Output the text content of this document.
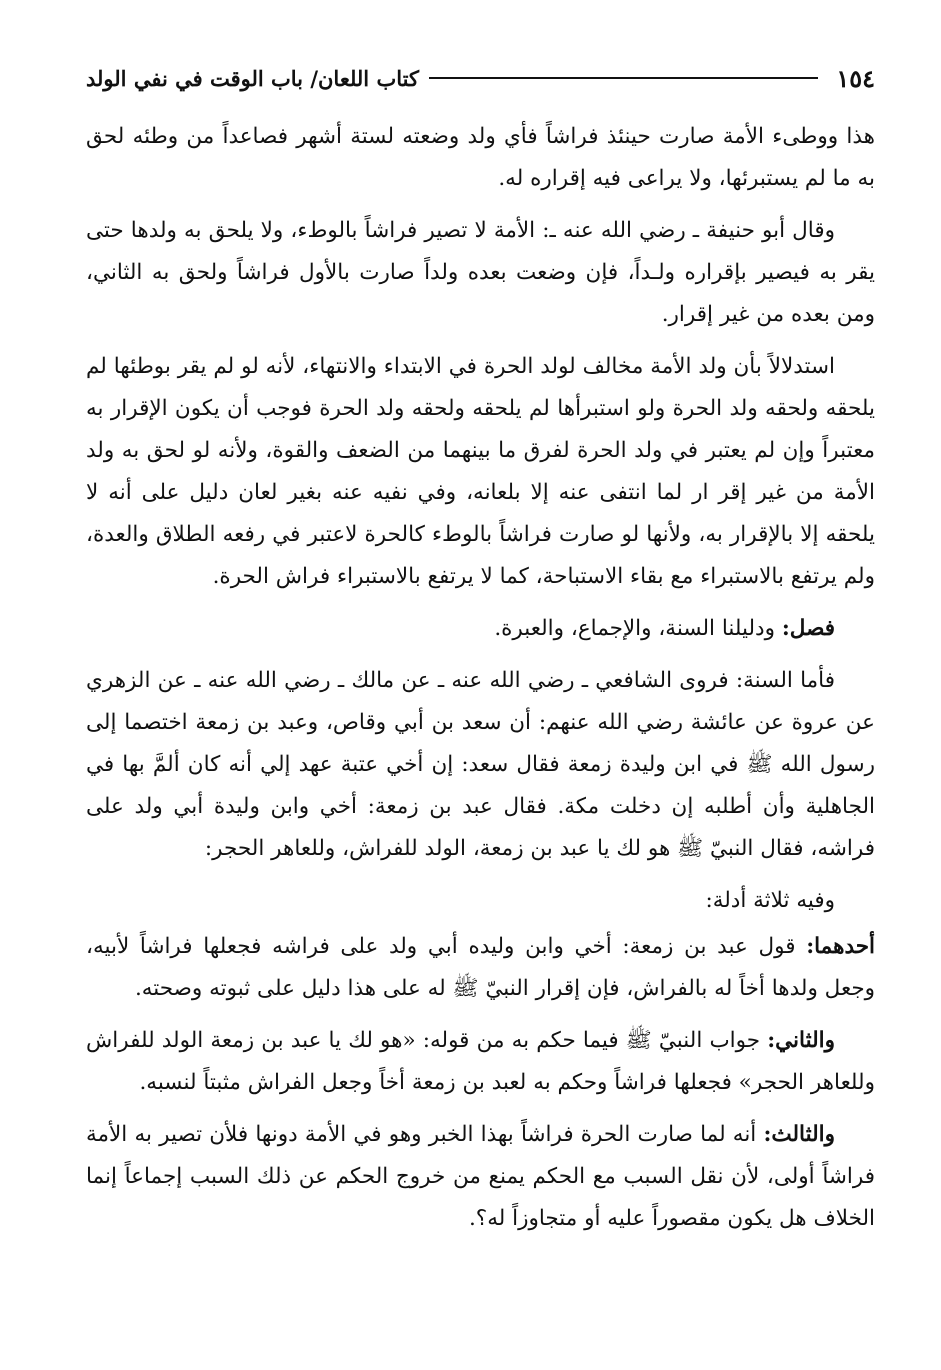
١٥٤
كتاب اللعان/ باب الوقت في نفي الولد

هذا ووطىء الأمة صارت حينئذ فراشاً فأي ولد وضعته لستة أشهر فصاعداً من وطئه لحق به ما لم يستبرئها، ولا يراعى فيه إقراره له.

وقال أبو حنيفة ـ رضي الله عنه ـ: الأمة لا تصير فراشاً بالوطء، ولا يلحق به ولدها حتى يقر به فيصير بإقراره ولـداً، فإن وضعت بعده ولداً صارت بالأول فراشاً ولحق به الثاني، ومن بعده من غير إقرار.

استدلالاً بأن ولد الأمة مخالف لولد الحرة في الابتداء والانتهاء، لأنه لو لم يقر بوطئها لم يلحقه ولحقه ولد الحرة ولو استبرأها لم يلحقه ولحقه ولد الحرة فوجب أن يكون الإقرار به معتبراً وإن لم يعتبر في ولد الحرة لفرق ما بينهما من الضعف والقوة، ولأنه لو لحق به ولد الأمة من غير إقر ار لما انتفى عنه إلا بلعانه، وفي نفيه عنه بغير لعان دليل على أنه لا يلحقه إلا بالإقرار به، ولأنها لو صارت فراشاً بالوطء كالحرة لاعتبر في رفعه الطلاق والعدة، ولم يرتفع بالاستبراء مع بقاء الاستباحة، كما لا يرتفع بالاستبراء فراش الحرة.

فصل: ودليلنا السنة، والإجماع، والعبرة.

فأما السنة: فروى الشافعي ـ رضي الله عنه ـ عن مالك ـ رضي الله عنه ـ عن الزهري عن عروة عن عائشة رضي الله عنهم: أن سعد بن أبي وقاص، وعبد بن زمعة اختصما إلى رسول الله ﷺ في ابن وليدة زمعة فقال سعد: إن أخي عتبة عهد إلي أنه كان ألمَّ بها في الجاهلية وأن أطلبه إن دخلت مكة. فقال عبد بن زمعة: أخي وابن وليدة أبي ولد على فراشه، فقال النبيّ ﷺ هو لك يا عبد بن زمعة، الولد للفراش، وللعاهر الحجر:

وفيه ثلاثة أدلة:

أحدهما: قول عبد بن زمعة: أخي وابن وليده أبي ولد على فراشه فجعلها فراشاً لأبيه، وجعل ولدها أخاً له بالفراش، فإن إقرار النبيّ ﷺ له على هذا دليل على ثبوته وصحته.

والثاني: جواب النبيّ ﷺ فيما حكم به من قوله: «هو لك يا عبد بن زمعة الولد للفراش وللعاهر الحجر» فجعلها فراشاً وحكم به لعبد بن زمعة أخاً وجعل الفراش مثبتاً لنسبه.

والثالث: أنه لما صارت الحرة فراشاً بهذا الخبر وهو في الأمة دونها فلأن تصير به الأمة فراشاً أولى، لأن نقل السبب مع الحكم يمنع من خروج الحكم عن ذلك السبب إجماعاً إنما الخلاف هل يكون مقصوراً عليه أو متجاوزاً له؟.
